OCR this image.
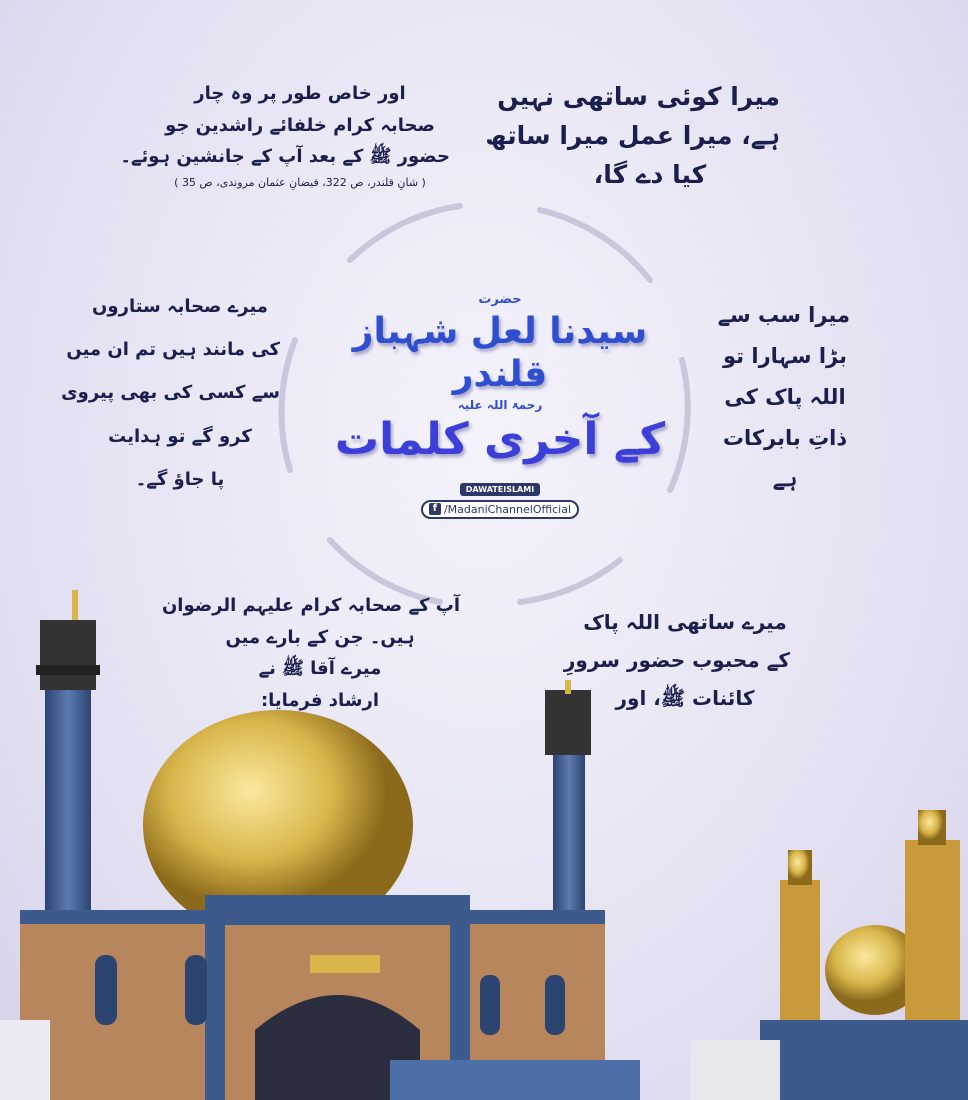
میرا کوئی ساتھی نہیں
ہے، میرا عمل میرا ساتھ
کیا دے گا،
اور خاص طور پر وہ چار
صحابہ کرام خلفائے راشدین جو
حضور ﷺ کے بعد آپ کے جانشین ہوئے۔
( شانِ قلندر، ص 322، فیضانِ عثمان مروندی، ص 35 )
میرا سب سے
بڑا سہارا تو
اللہ پاک کی
ذاتِ بابرکات
ہے
میرے صحابہ ستاروں
کی مانند ہیں تم ان میں
سے کسی کی بھی پیروی
کرو گے تو ہدایت
پا جاؤ گے۔
میرے ساتھی اللہ پاک
کے محبوب حضور سرورِ
کائنات ﷺ، اور
آپ کے صحابہ کرام علیہم الرضوان
ہیں۔ جن کے بارے میں
میرے آقا ﷺ نے
ارشاد فرمایا:
حضرت
سیدنا لعل شہباز قلندر
رحمۃ اللہ علیہ
کے آخری کلمات
DAWATEISLAMI

f /MadaniChannelOfficial
